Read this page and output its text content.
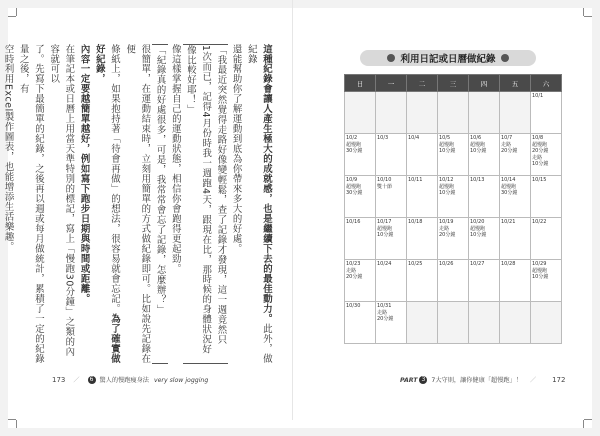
這種紀錄會讓人產生極大的成就感，也是繼續下去的最佳動力。此外，做紀錄

還能幫助你了解運動到底為你帶來多大的好處。

「我最近突然覺得走路好像變輕鬆，查了記錄才發現，這一週竟然只

1次而已，記得4月份時我一週跑4天，跟現在比，那時候的身體狀況好

像比較好耶！」

像這樣掌握自己的運動狀態，相信你會跑得更起勁。

「紀錄真的好處很多，可是，我常常會忘了記錄，怎麼辦？」

很簡單，在運動結束時，立刻用簡單的方式做紀錄即可。比如說先記錄在便

條紙上，如果抱持著「待會再做」的想法，很容易就會忘記。為了確實做好紀錄，

內容一定要越簡單越好，例如寫下跑步日期與時間或距離。

在筆記本或日曆上用當天準特別的標記，寫上「慢跑30分鐘」之類的內容就可以

了。先寫下最簡單的紀錄，之後再以週或每月做統計，累積了一定的紀錄量之後，有

空時利用Excel製作圖表，也能增添生活樂趣。

173 ／ 6 驚人的慢跑瘦身法 very slow jogging
利用日記或日曆做紀錄
日	一	二	三	四	五	六

						10/1

10/2
超慢跑
30分鐘	10/3	10/4	10/5
超慢跑
10分鐘	10/6
超慢跑
10分鐘	10/7
走路
20分鐘	10/8
超慢跑
20分鐘
走路
10分鐘

10/9
超慢跑
30分鐘	10/10
雙十節	10/11	10/12
超慢跑
10分鐘	10/13	10/14
超慢跑
30分鐘	10/15

10/16	10/17
超慢跑
10分鐘	10/18	10/19
走路
20分鐘	10/20
超慢跑
10分鐘	10/21	10/22

10/23
走路
20分鐘	10/24	10/25	10/26	10/27	10/28	10/29
超慢跑
10分鐘

10/30	10/31
走路
20分鐘					

PART 3 7大守則，讓你健康「超慢跑」！ ／ 172
